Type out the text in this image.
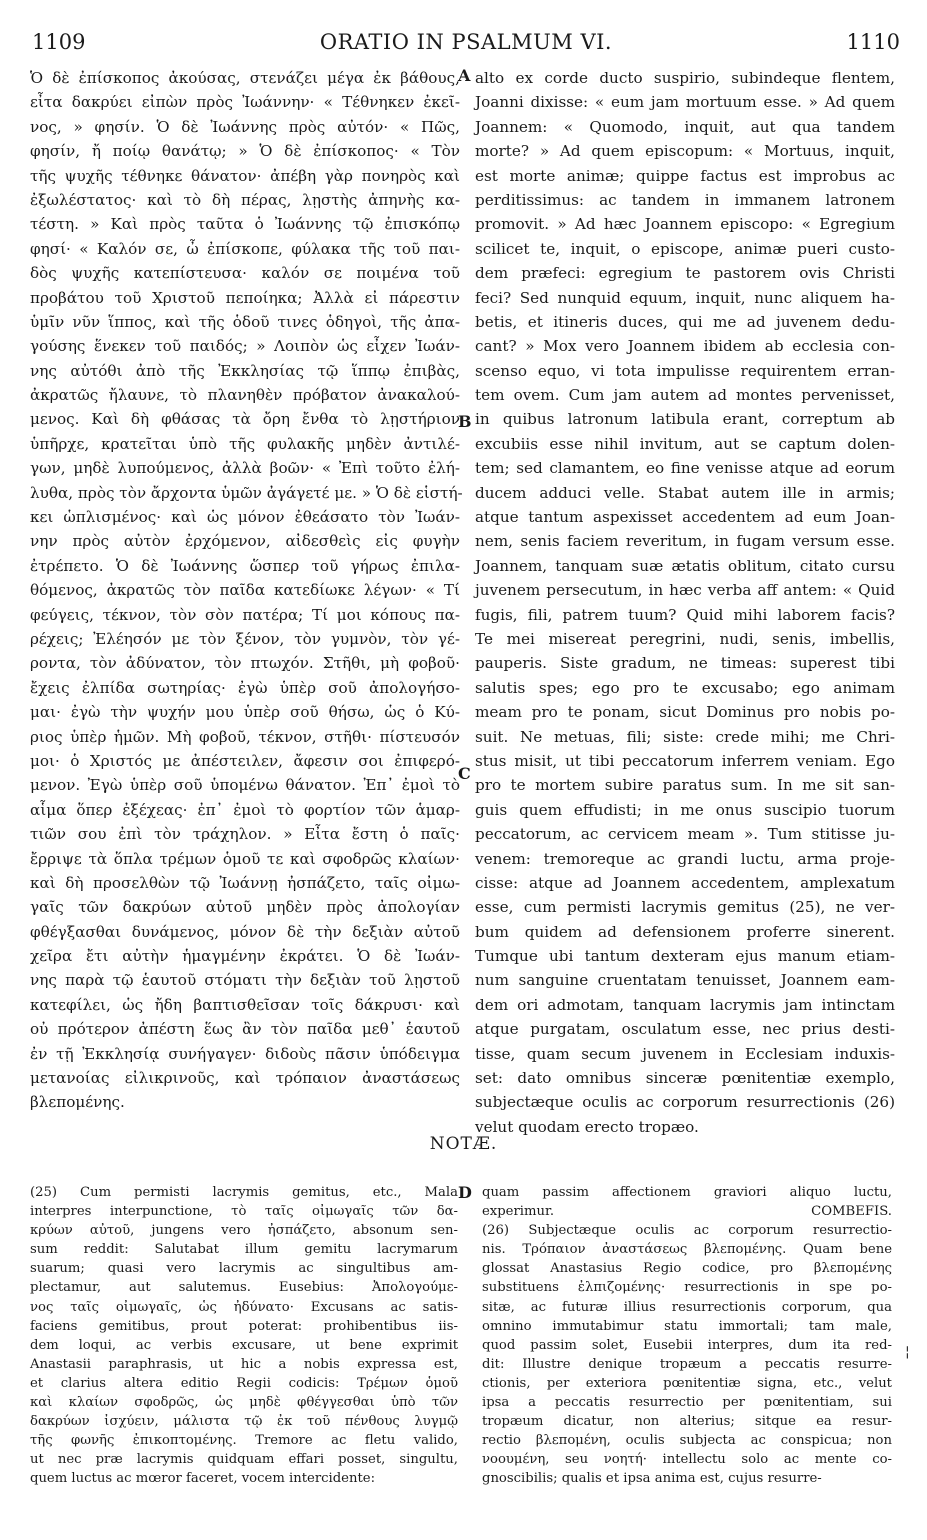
1109	ORATIO IN PSALMUM VI.	1110
Ὁ δὲ ἐπίσκοπος ἀκούσας, στενάζει μέγα ἐκ βάθους,
εἶτα δακρύει εἰπὼν πρὸς Ἰωάννην· « Τέθνηκεν ἐκεῖ-
νος, » φησίν. Ὁ δὲ Ἰωάννης πρὸς αὐτόν· « Πῶς,
φησίν, ἤ ποίῳ θανάτῳ; » Ὁ δὲ ἐπίσκοπος· « Τὸν
τῆς ψυχῆς τέθνηκε θάνατον· ἀπέβη γὰρ πονηρὸς καὶ
ἐξωλέστατος· καὶ τὸ δὴ πέρας, λῃστὴς ἀπηνὴς κα-
τέστη. » Καὶ πρὸς ταῦτα ὁ Ἰωάννης τῷ ἐπισκόπῳ
φησί· « Καλόν σε, ὦ ἐπίσκοπε, φύλακα τῆς τοῦ παι-
δὸς ψυχῆς κατεπίστευσα· καλόν σε ποιμένα τοῦ
προβάτου τοῦ Χριστοῦ πεποίηκα; Ἀλλὰ εἰ πάρεστιν
ὑμῖν νῦν ἵππος, καὶ τῆς ὁδοῦ τινες ὁδηγοὶ, τῆς ἀπα-
γούσης ἕνεκεν τοῦ παιδός; » Λοιπὸν ὡς εἶχεν Ἰωάν-
νης αὐτόθι ἀπὸ τῆς Ἐκκλησίας τῷ ἵππῳ ἐπιβὰς,
ἀκρατῶς ἤλαυνε, τὸ πλανηθὲν πρόβατον ἀνακαλού-
μενος. Καὶ δὴ φθάσας τὰ ὄρη ἔνθα τὸ λῃστήριον
ὑπῆρχε, κρατεῖται ὑπὸ τῆς φυλακῆς μηδὲν ἀντιλέ-
γων, μηδὲ λυπούμενος, ἀλλὰ βοῶν· « Ἐπὶ τοῦτο ἐλή-
λυθα, πρὸς τὸν ἄρχοντα ὑμῶν ἀγάγετέ με. » Ὁ δὲ εἱστή-
κει ὡπλισμένος· καὶ ὡς μόνον ἐθεάσατο τὸν Ἰωάν-
νην πρὸς αὐτὸν ἐρχόμενον, αἰδεσθεὶς εἰς φυγὴν
ἐτρέπετο. Ὁ δὲ Ἰωάννης ὥσπερ τοῦ γήρως ἐπιλα-
θόμενος, ἀκρατῶς τὸν παῖδα κατεδίωκε λέγων· « Τί
φεύγεις, τέκνον, τὸν σὸν πατέρα; Τί μοι κόπους πα-
ρέχεις; Ἐλέησόν με τὸν ξένον, τὸν γυμνὸν, τὸν γέ-
ροντα, τὸν ἀδύνατον, τὸν πτωχόν. Στῆθι, μὴ φοβοῦ·
ἔχεις ἐλπίδα σωτηρίας· ἐγὼ ὑπὲρ σοῦ ἀπολογήσο-
μαι· ἐγὼ τὴν ψυχήν μου ὑπὲρ σοῦ θήσω, ὡς ὁ Κύ-
ριος ὑπὲρ ἡμῶν. Μὴ φοβοῦ, τέκνον, στῆθι· πίστευσόν
μοι· ὁ Χριστός με ἀπέστειλεν, ἄφεσιν σοι ἐπιφερό-
μενον. Ἐγὼ ὑπὲρ σοῦ ὑπομένω θάνατον. Ἐπ᾽ ἐμοὶ τὸ
αἷμα ὅπερ ἐξέχεας· ἐπ᾽ ἐμοὶ τὸ φορτίον τῶν ἁμαρ-
τιῶν σου ἐπὶ τὸν τράχηλον. » Εἶτα ἔστη ὁ παῖς·
ἔρριψε τὰ ὅπλα τρέμων ὁμοῦ τε καὶ σφοδρῶς κλαίων·
καὶ δὴ προσελθὼν τῷ Ἰωάννῃ ἠσπάζετο, ταῖς οἰμω-
γαῖς τῶν δακρύων αὐτοῦ μηδὲν πρὸς ἀπολογίαν
φθέγξασθαι δυνάμενος, μόνον δὲ τὴν δεξιὰν αὐτοῦ
χεῖρα ἔτι αὐτὴν ἡμαγμένην ἐκράτει. Ὁ δὲ Ἰωάν-
νης παρὰ τῷ ἑαυτοῦ στόματι τὴν δεξιὰν τοῦ λῃστοῦ
κατεφίλει, ὡς ἤδη βαπτισθεῖσαν τοῖς δάκρυσι· καὶ
οὐ πρότερον ἀπέστη ἕως ἂν τὸν παῖδα μεθ᾽ ἑαυτοῦ
ἐν τῇ Ἐκκλησίᾳ συνήγαγεν· διδοὺς πᾶσιν ὑπόδειγμα
μετανοίας εἰλικρινοῦς, καὶ τρόπαιον ἀναστάσεως
βλεπομένης.
alto ex corde ducto suspirio, subindeque flentem,
Joanni dixisse: « eum jam mortuum esse. » Ad quem
Joannem: « Quomodo, inquit, aut qua tandem
morte? » Ad quem episcopum: « Mortuus, inquit,
est morte animæ; quippe factus est improbus ac
perditissimus: ac tandem in immanem latronem
promovit. » Ad hæc Joannem episcopo: « Egregium
scilicet te, inquit, o episcope, animæ pueri custo-
dem præfeci: egregium te pastorem ovis Christi
feci? Sed nunquid equum, inquit, nunc aliquem ha-
betis, et itineris duces, qui me ad juvenem dedu-
cant? » Mox vero Joannem ibidem ab ecclesia con-
scenso equo, vi tota impulisse requirentem erran-
tem ovem. Cum jam autem ad montes pervenisset,
in quibus latronum latibula erant, correptum ab
excubiis esse nihil invitum, aut se captum dolen-
tem; sed clamantem, eo fine venisse atque ad eorum
ducem adduci velle. Stabat autem ille in armis;
atque tantum aspexisset accedentem ad eum Joan-
nem, senis faciem reveritum, in fugam versum esse.
Joannem, tanquam suæ ætatis oblitum, citato cursu
juvenem persecutum, in hæc verba aff antem: « Quid
fugis, fili, patrem tuum? Quid mihi laborem facis?
Te mei misereat peregrini, nudi, senis, imbellis,
pauperis. Siste gradum, ne timeas: superest tibi
salutis spes; ego pro te excusabo; ego animam
meam pro te ponam, sicut Dominus pro nobis po-
suit. Ne metuas, fili; siste: crede mihi; me Chri-
stus misit, ut tibi peccatorum inferrem veniam. Ego
pro te mortem subire paratus sum. In me sit san-
guis quem effudisti; in me onus suscipio tuorum
peccatorum, ac cervicem meam ». Tum stitisse ju-
venem: tremoreque ac grandi luctu, arma proje-
cisse: atque ad Joannem accedentem, amplexatum
esse, cum permisti lacrymis gemitus (25), ne ver-
bum quidem ad defensionem proferre sinerent.
Tumque ubi tantum dexteram ejus manum etiam-
num sanguine cruentatam tenuisset, Joannem eam-
dem ori admotam, tanquam lacrymis jam intinctam
atque purgatam, osculatum esse, nec prius desti-
tisse, quam secum juvenem in Ecclesiam induxis-
set: dato omnibus sinceræ pœnitentiæ exemplo,
subjectæque oculis ac corporum resurrectionis (26)
velut quodam erecto tropæo.
A
B
C
D
NOTÆ.
(25) Cum permisti lacrymis gemitus, etc., Mala
interpres interpunctione, τὸ ταῖς οἰμωγαῖς τῶν δα-
κρύων αὐτοῦ, jungens vero ἠσπάζετο, absonum sen-
sum reddit: Salutabat illum gemitu lacrymarum
suarum; quasi vero lacrymis ac singultibus am-
plectamur, aut salutemus. Eusebius: Ἀπολογούμε-
νος ταῖς οἰμωγαῖς, ὡς ἠδύνατο· Excusans ac satis-
faciens gemitibus, prout poterat: prohibentibus iis-
dem loqui, ac verbis excusare, ut bene exprimit
Anastasii paraphrasis, ut hic a nobis expressa est,
et clarius altera editio Regii codicis: Τρέμων ὁμοῦ
καὶ κλαίων σφοδρῶς, ὡς μηδὲ φθέγγεσθαι ὑπὸ τῶν
δακρύων ἰσχύειν, μάλιστα τῷ ἐκ τοῦ πένθους λυγμῷ
τῆς φωνῆς ἐπικοπτομένης. Tremore ac fletu valido,
ut nec præ lacrymis quidquam effari posset, singultu,
quem luctus ac mœror faceret, vocem intercidente:
quam passim affectionem graviori aliquo luctu,
experimur. COMBEFIS.
(26) Subjectæque oculis ac corporum resurrectio-
nis. Τρόπαιον ἀναστάσεως βλεπομένης. Quam bene
glossat Anastasius Regio codice, pro βλεπομένης
substituens ἐλπιζομένης· resurrectionis in spe po-
sitæ, ac futuræ illius resurrectionis corporum, qua
omnino immutabimur statu immortali; tam male,
quod passim solet, Eusebii interpres, dum ita red-
dit: Illustre denique tropæum a peccatis resurre-
ctionis, per exteriora pœnitentiæ signa, etc., velut
ipsa a peccatis resurrectio per pœnitentiam, sui
tropæum dicatur, non alterius; sitque ea resur-
rectio βλεπομένη, oculis subjecta ac conspicua; non
νοουμένη, seu νοητή· intellectu solo ac mente co-
gnoscibilis; qualis et ipsa anima est, cujus resurre-
¦
